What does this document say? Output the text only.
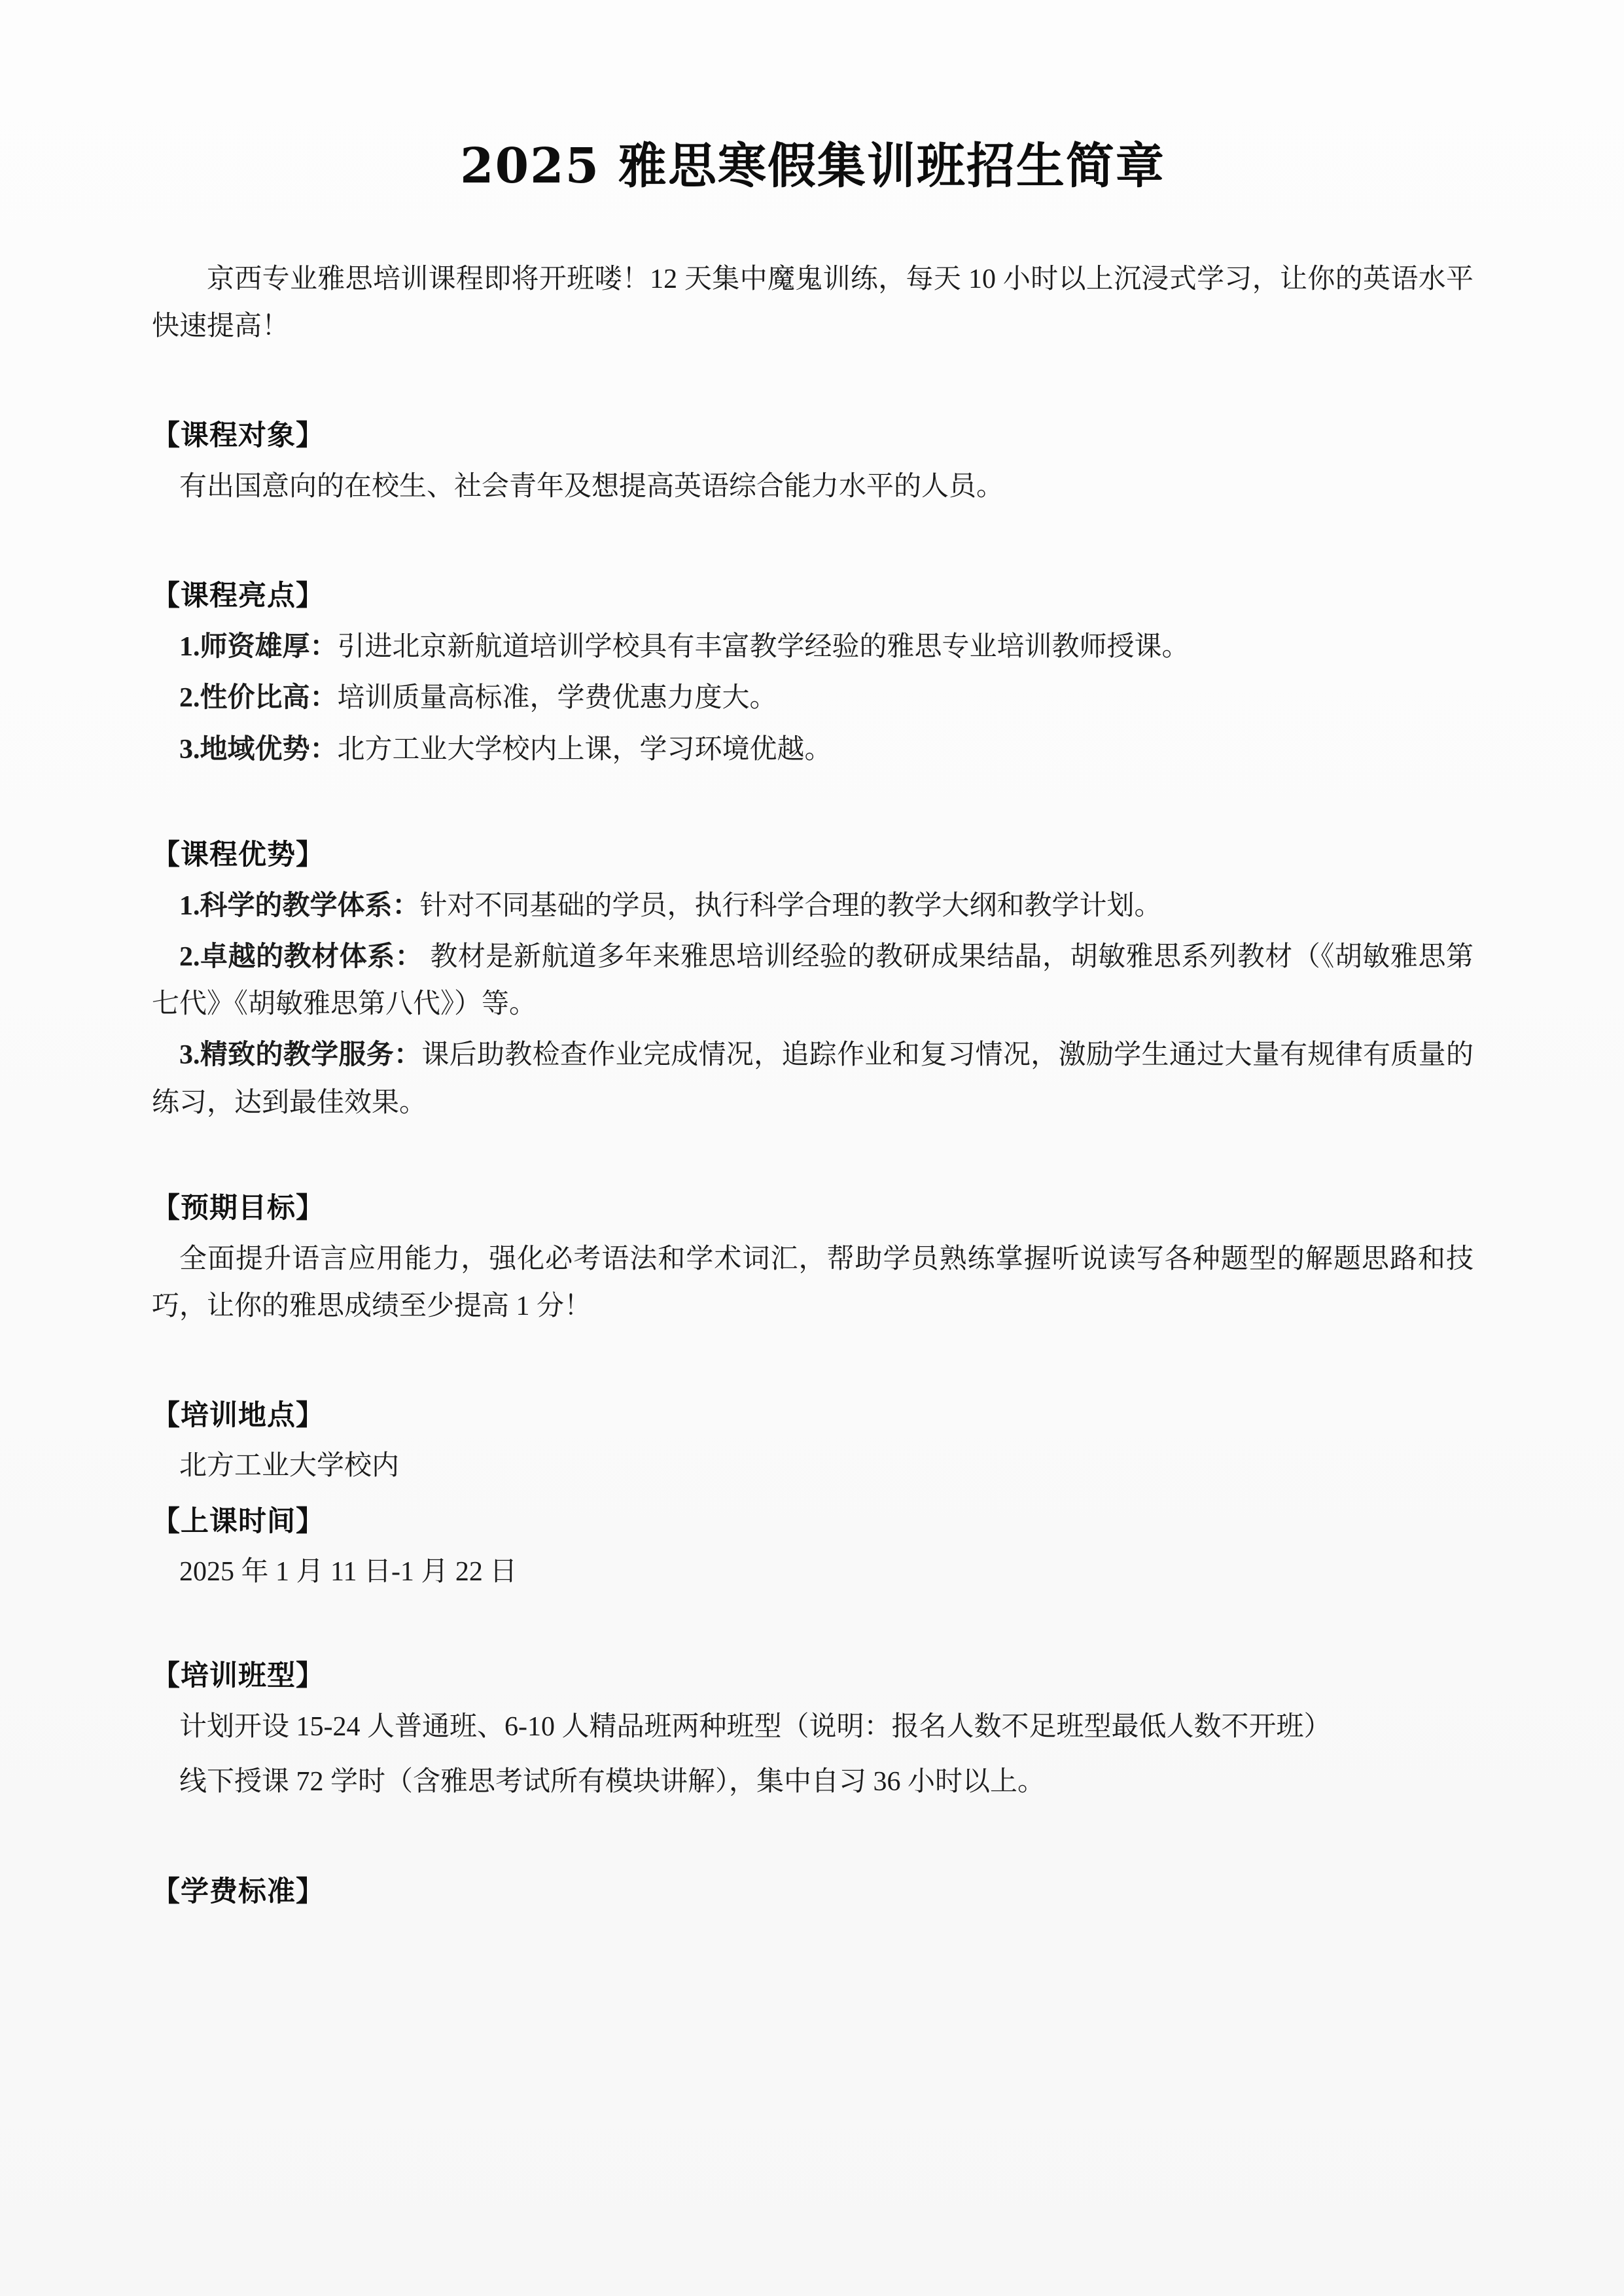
2025 雅思寒假集训班招生简章

京西专业雅思培训课程即将开班喽！12 天集中魔鬼训练，每天 10 小时以上沉浸式学习，让你的英语水平快速提高！

【课程对象】

有出国意向的在校生、社会青年及想提高英语综合能力水平的人员。

【课程亮点】

1.师资雄厚：引进北京新航道培训学校具有丰富教学经验的雅思专业培训教师授课。

2.性价比高：培训质量高标准，学费优惠力度大。

3.地域优势：北方工业大学校内上课，学习环境优越。

【课程优势】

1.科学的教学体系：针对不同基础的学员，执行科学合理的教学大纲和教学计划。

2.卓越的教材体系： 教材是新航道多年来雅思培训经验的教研成果结晶，胡敏雅思系列教材（《胡敏雅思第七代》《胡敏雅思第八代》）等。

3.精致的教学服务：课后助教检查作业完成情况，追踪作业和复习情况，激励学生通过大量有规律有质量的练习，达到最佳效果。

【预期目标】

全面提升语言应用能力，强化必考语法和学术词汇，帮助学员熟练掌握听说读写各种题型的解题思路和技巧，让你的雅思成绩至少提高 1 分！

【培训地点】

北方工业大学校内

【上课时间】

2025 年 1 月 11 日-1 月 22 日

【培训班型】

计划开设 15-24 人普通班、6-10 人精品班两种班型（说明：报名人数不足班型最低人数不开班）

线下授课 72 学时（含雅思考试所有模块讲解），集中自习 36 小时以上。

【学费标准】
